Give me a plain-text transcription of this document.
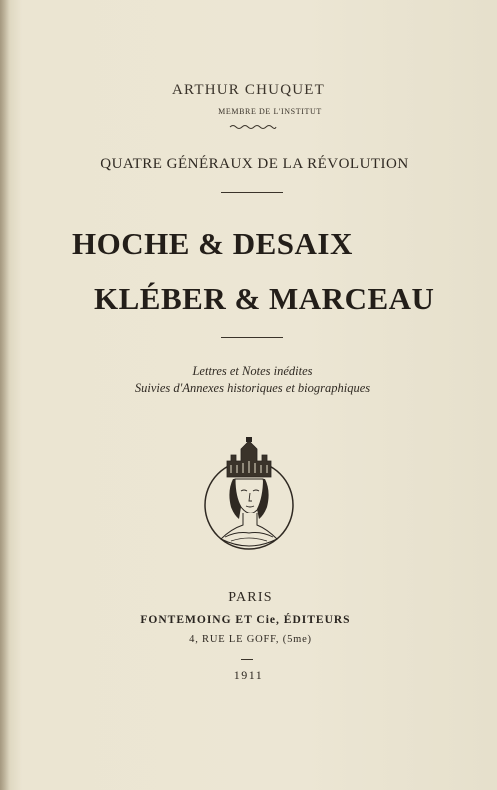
ARTHUR CHUQUET
MEMBRE DE L'INSTITUT
QUATRE GÉNÉRAUX DE LA RÉVOLUTION
HOCHE & DESAIX
KLÉBER & MARCEAU
Lettres et Notes inédites
Suivies d'Annexes historiques et biographiques
PARIS
FONTEMOING ET Cie, ÉDITEURS
4, RUE LE GOFF, (5me)
1911
